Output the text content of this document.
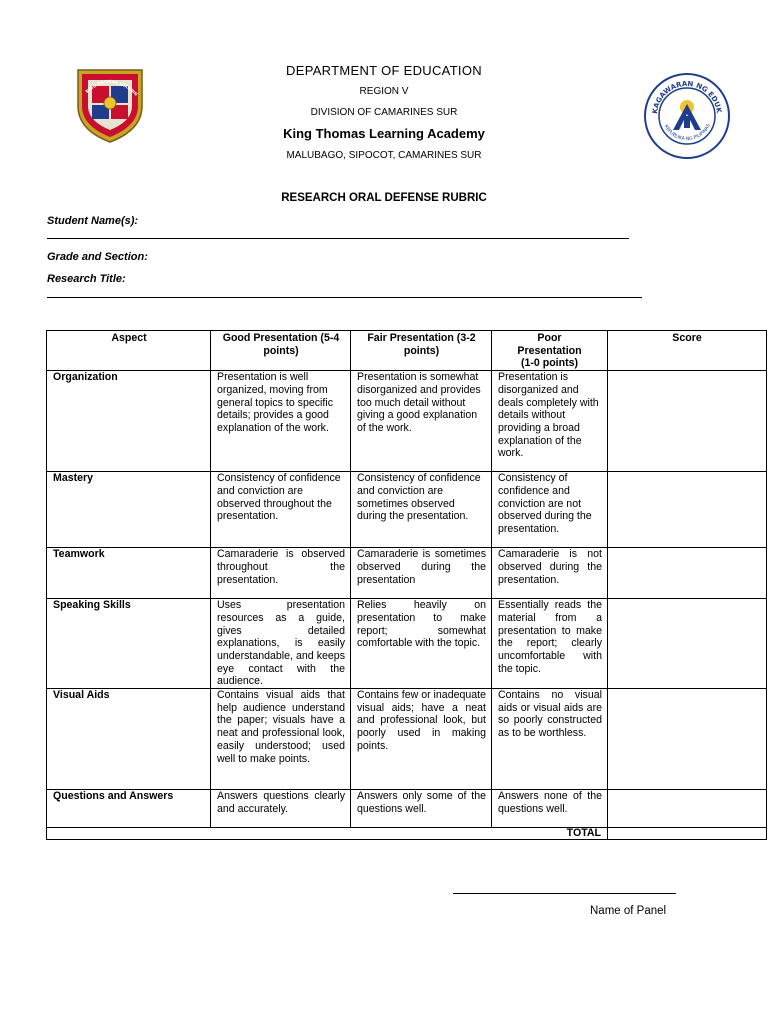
KING THOMAS LEARNIN
KAGAWARAN NG EDUK
REPUBLIKA NG PILIPINAS
DEPARTMENT OF EDUCATION
REGION V
DIVISION OF CAMARINES SUR
King Thomas Learning Academy
MALUBAGO, SIPOCOT, CAMARINES SUR
RESEARCH ORAL DEFENSE RUBRIC
Student Name(s):
Grade and Section:
Research Title:
Aspect	Good Presentation (5-4 points)	Fair Presentation (3-2 points)	Poor Presentation (1-0 points)	Score
Organization	Presentation is well organized, moving from general topics to specific details; provides a good explanation of the work.	Presentation is somewhat disorganized and provides too much detail without giving a good explanation of the work.	Presentation is disorganized and deals completely with details without providing a broad explanation of the work.	
Mastery	Consistency of confidence and conviction are observed throughout the presentation.	Consistency of confidence and conviction are sometimes observed during the presentation.	Consistency of confidence and conviction are not observed during the presentation.	
Teamwork	Camaraderie is observed throughout the presentation.	Camaraderie is sometimes observed during the presentation	Camaraderie is not observed during the presentation.	
Speaking Skills	Uses presentation resources as a guide, gives detailed explanations, is easily understandable, and keeps eye contact with the audience.	Relies heavily on presentation to make report; somewhat comfortable with the topic.	Essentially reads the material from a presentation to make the report; clearly uncomfortable with the topic.	
Visual Aids	Contains visual aids that help audience understand the paper; visuals have a neat and professional look, easily understood; used well to make points.	Contains few or inadequate visual aids; have a neat and professional look, but poorly used in making points.	Contains no visual aids or visual aids are so poorly constructed as to be worthless.	
Questions and Answers	Answers questions clearly and accurately.	Answers only some of the questions well.	Answers none of the questions well.	
TOTAL				
Name of Panel
